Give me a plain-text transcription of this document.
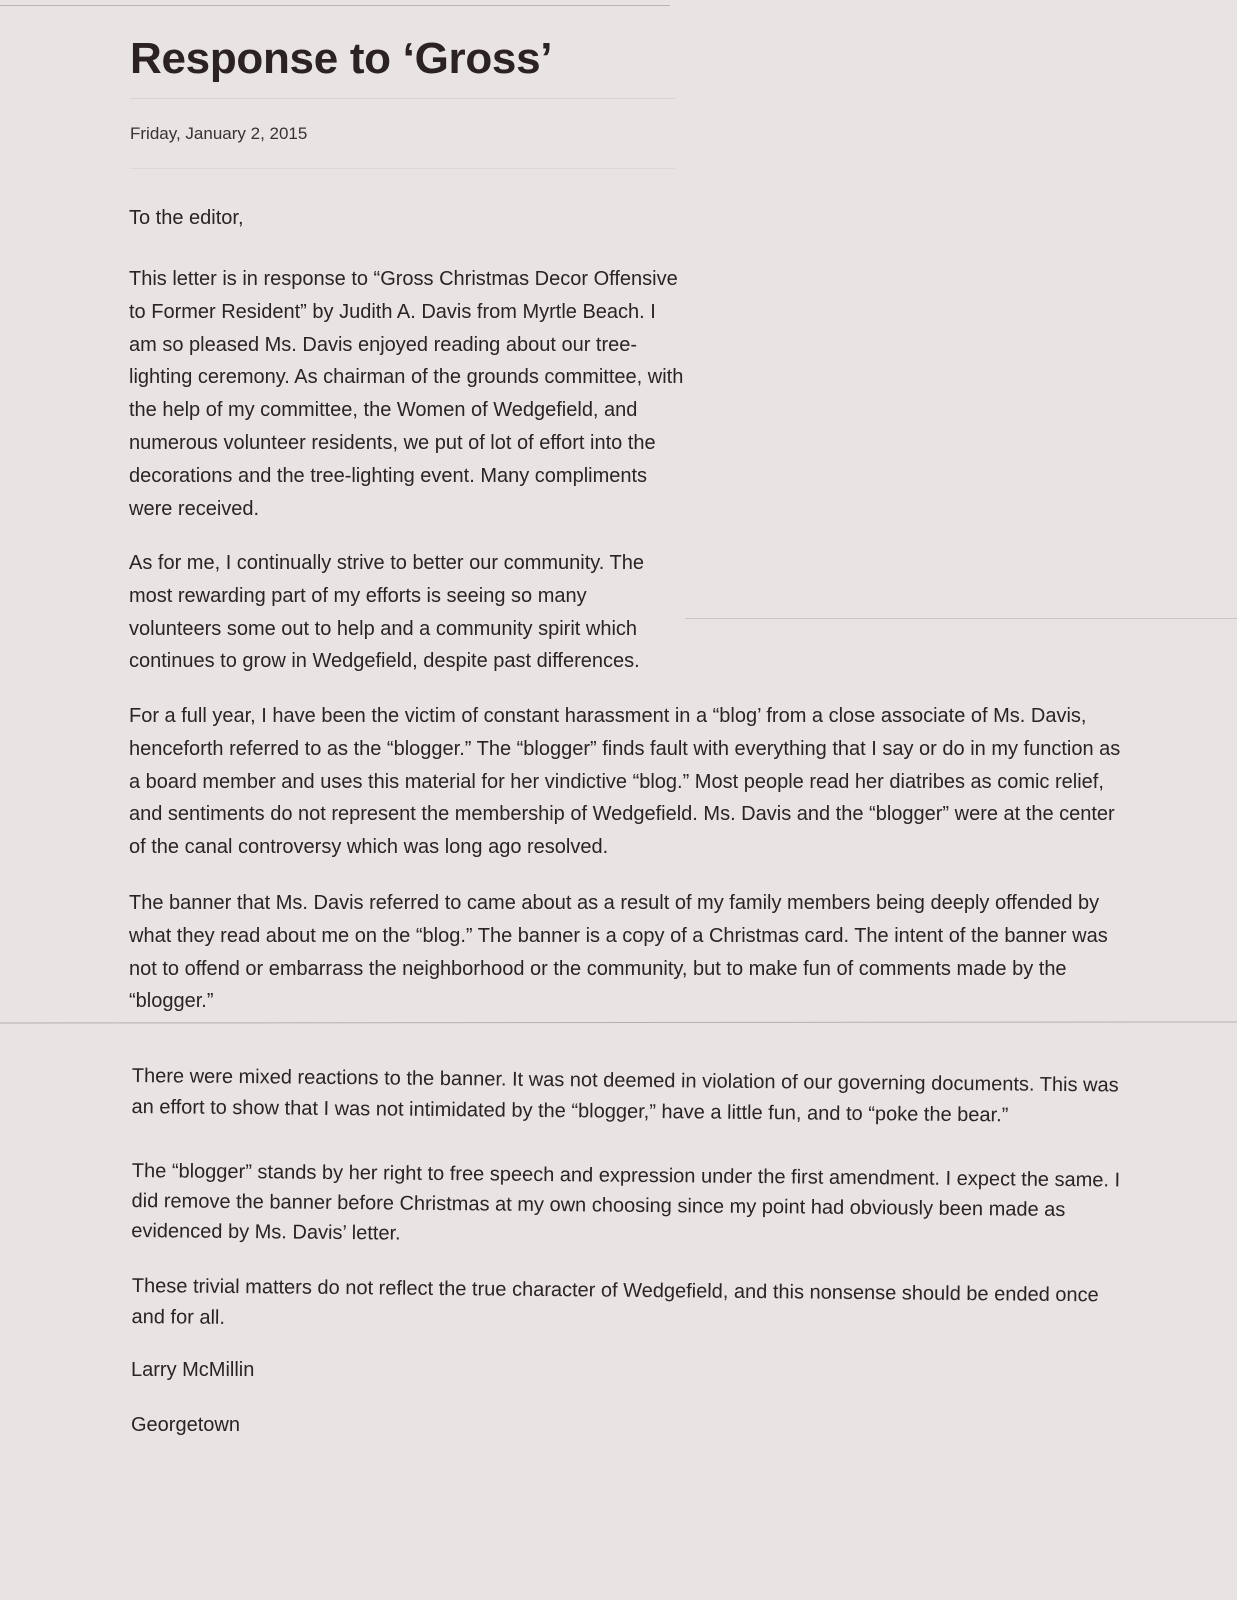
Response to ‘Gross’
Friday, January 2, 2015
To the editor,

This letter is in response to “Gross Christmas Decor Offensive to Former Resident” by Judith A. Davis from Myrtle Beach. I am so pleased Ms. Davis enjoyed reading about our tree-lighting ceremony. As chairman of the grounds committee, with the help of my committee, the Women of Wedgefield, and numerous volunteer residents, we put of lot of effort into the decorations and the tree-lighting event. Many compliments were received.

As for me, I continually strive to better our community. The most rewarding part of my efforts is seeing so many volunteers some out to help and a community spirit which continues to grow in Wedgefield, despite past differences.

For a full year, I have been the victim of constant harassment in a “blog’ from a close associate of Ms. Davis, henceforth referred to as the “blogger.” The “blogger” finds fault with everything that I say or do in my function as a board member and uses this material for her vindictive “blog.” Most people read her diatribes as comic relief, and sentiments do not represent the membership of Wedgefield. Ms. Davis and the “blogger” were at the center of the canal controversy which was long ago resolved.

The banner that Ms. Davis referred to came about as a result of my family members being deeply offended by what they read about me on the “blog.” The banner is a copy of a Christmas card. The intent of the banner was not to offend or embarrass the neighborhood or the community, but to make fun of comments made by the “blogger.”

There were mixed reactions to the banner. It was not deemed in violation of our governing documents. This was an effort to show that I was not intimidated by the “blogger,” have a little fun, and to “poke the bear.”

The “blogger” stands by her right to free speech and expression under the first amendment. I expect the same. I did remove the banner before Christmas at my own choosing since my point had obviously been made as evidenced by Ms. Davis’ letter.

These trivial matters do not reflect the true character of Wedgefield, and this nonsense should be ended once and for all.

Larry McMillin
Georgetown
